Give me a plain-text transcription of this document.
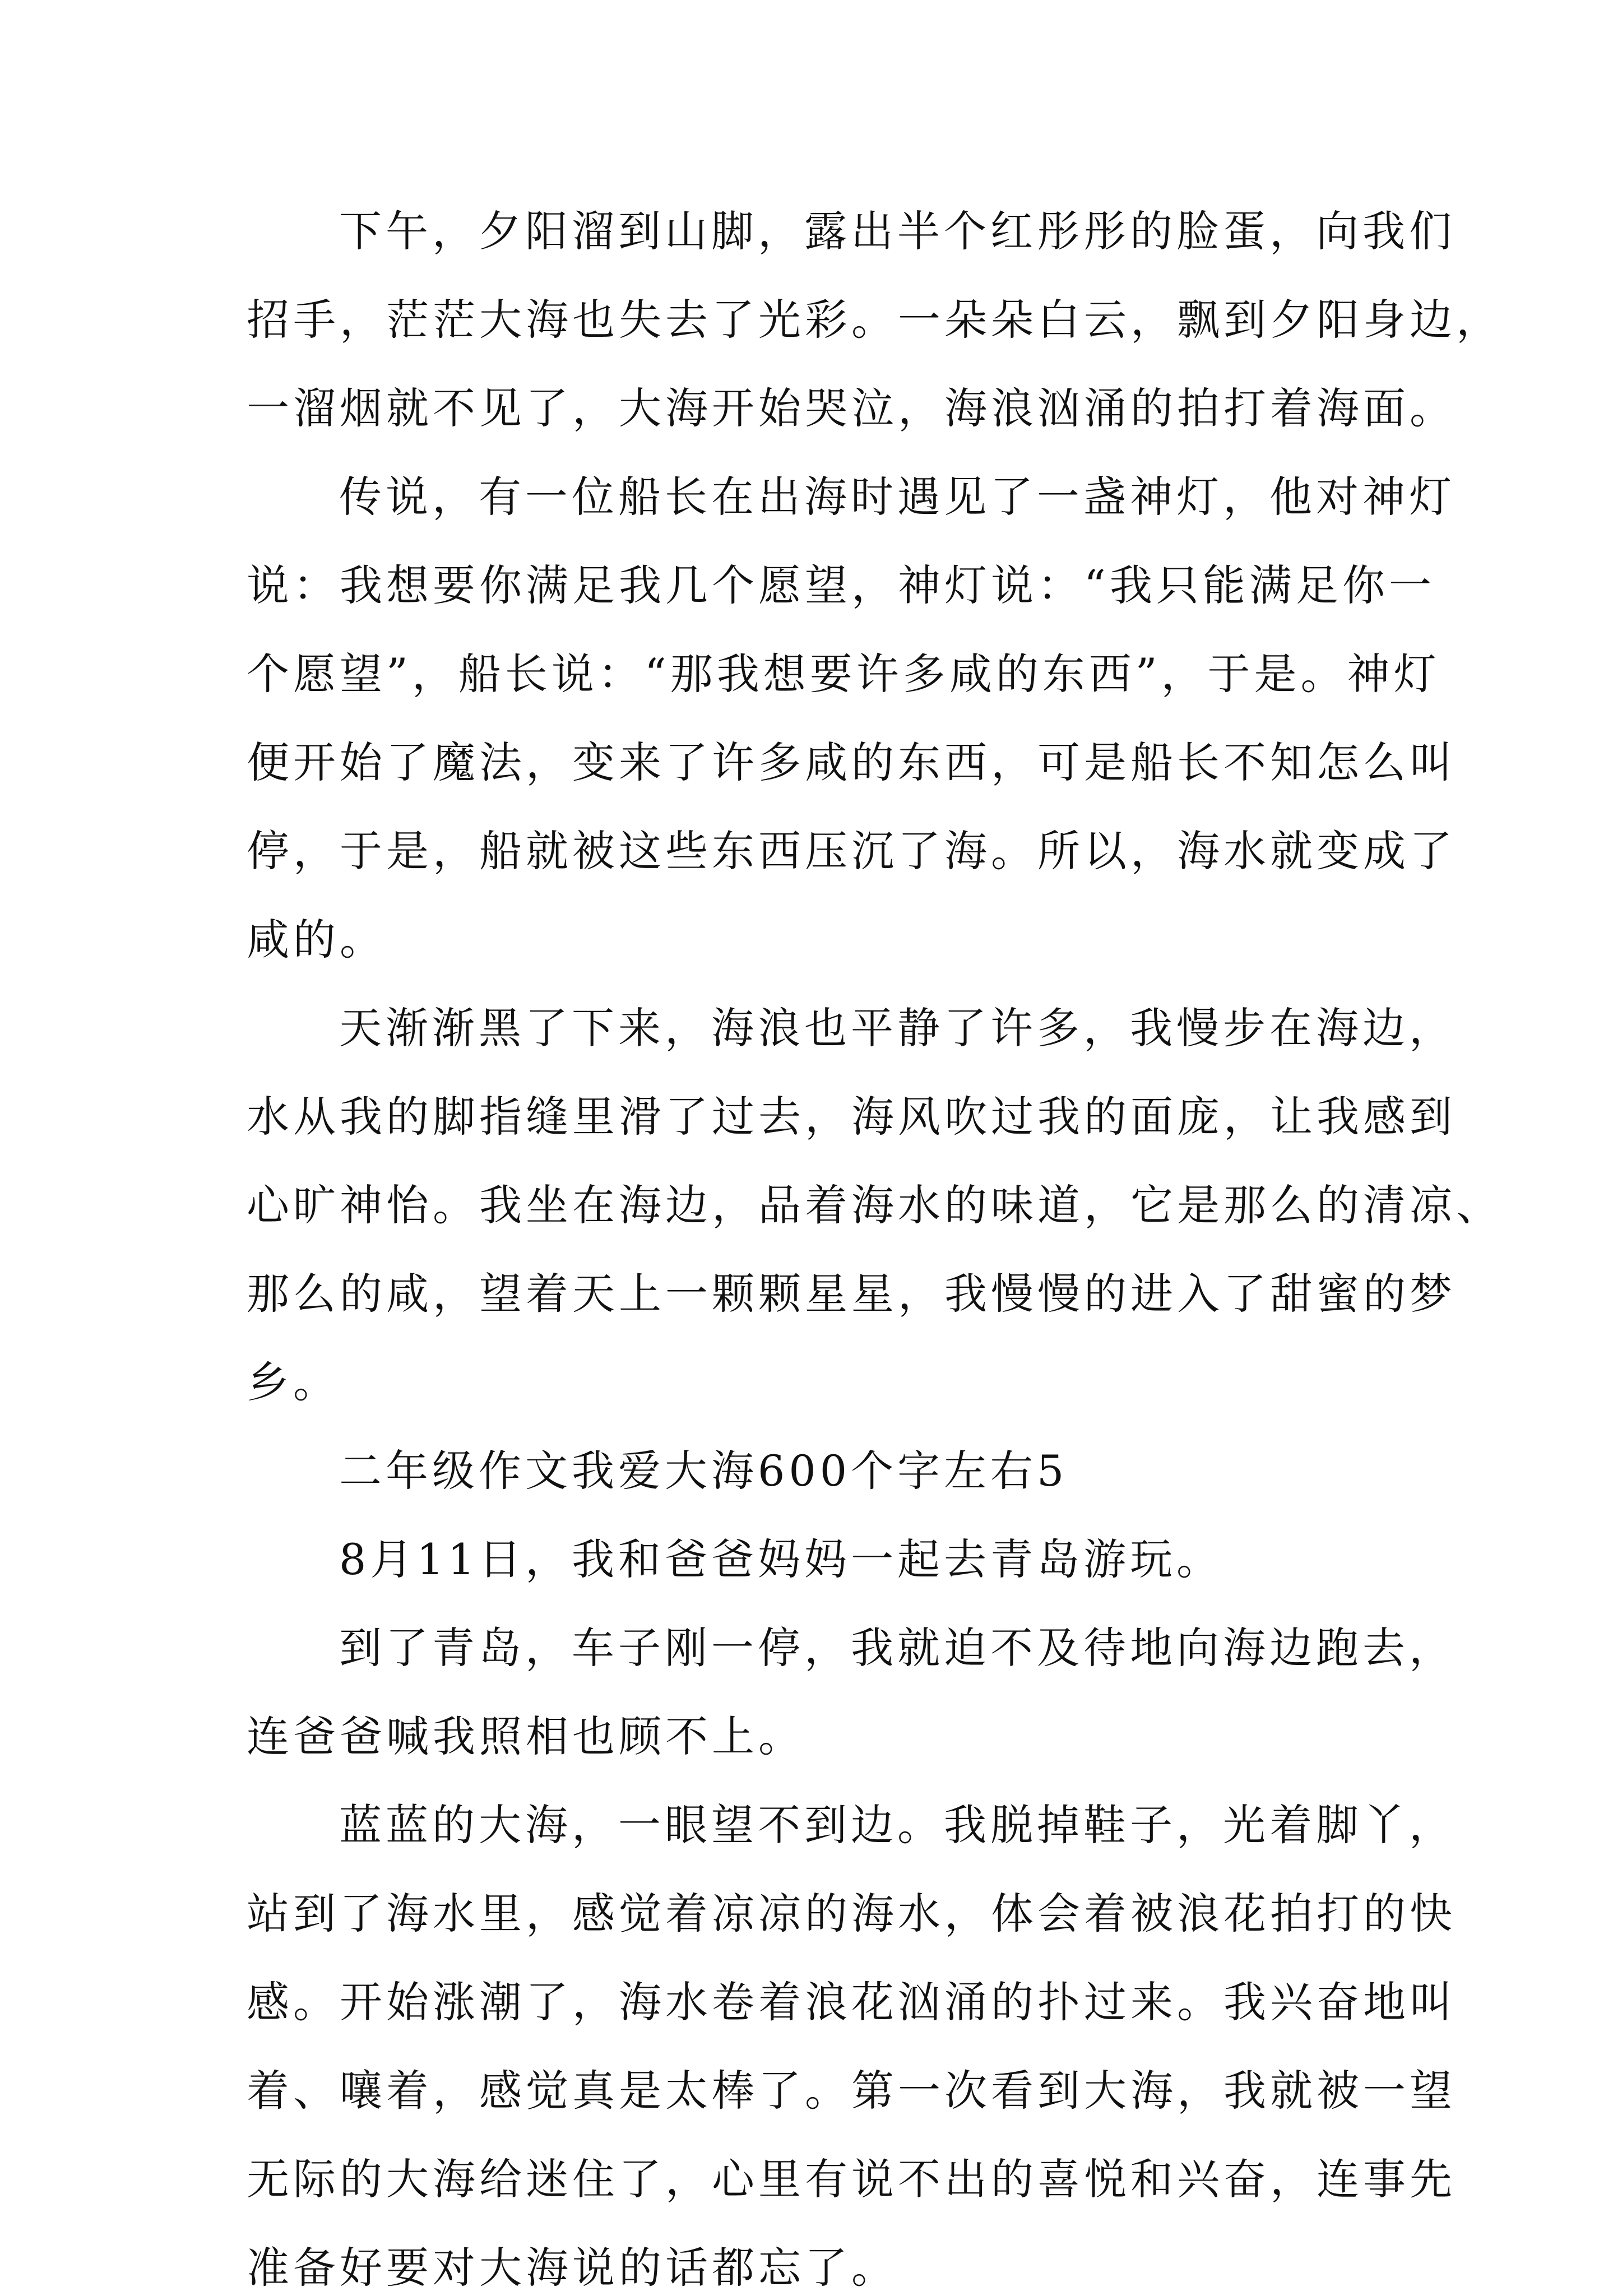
下午，夕阳溜到山脚，露出半个红彤彤的脸蛋，向我们
招手，茫茫大海也失去了光彩。一朵朵白云，飘到夕阳身边，
一溜烟就不见了，大海开始哭泣，海浪汹涌的拍打着海面。
传说，有一位船长在出海时遇见了一盏神灯，他对神灯
说：我想要你满足我几个愿望，神灯说：“我只能满足你一
个愿望”，船长说：“那我想要许多咸的东西”，于是。神灯
便开始了魔法，变来了许多咸的东西，可是船长不知怎么叫
停，于是，船就被这些东西压沉了海。所以，海水就变成了
咸的。
天渐渐黑了下来，海浪也平静了许多，我慢步在海边，
水从我的脚指缝里滑了过去，海风吹过我的面庞，让我感到
心旷神怡。我坐在海边，品着海水的味道，它是那么的清凉、
那么的咸，望着天上一颗颗星星，我慢慢的进入了甜蜜的梦
乡。
二年级作文我爱大海600个字左右5
8月11日，我和爸爸妈妈一起去青岛游玩。
到了青岛，车子刚一停，我就迫不及待地向海边跑去，
连爸爸喊我照相也顾不上。
蓝蓝的大海，一眼望不到边。我脱掉鞋子，光着脚丫，
站到了海水里，感觉着凉凉的海水，体会着被浪花拍打的快
感。开始涨潮了，海水卷着浪花汹涌的扑过来。我兴奋地叫
着、嚷着，感觉真是太棒了。第一次看到大海，我就被一望
无际的大海给迷住了，心里有说不出的喜悦和兴奋，连事先
准备好要对大海说的话都忘了。
